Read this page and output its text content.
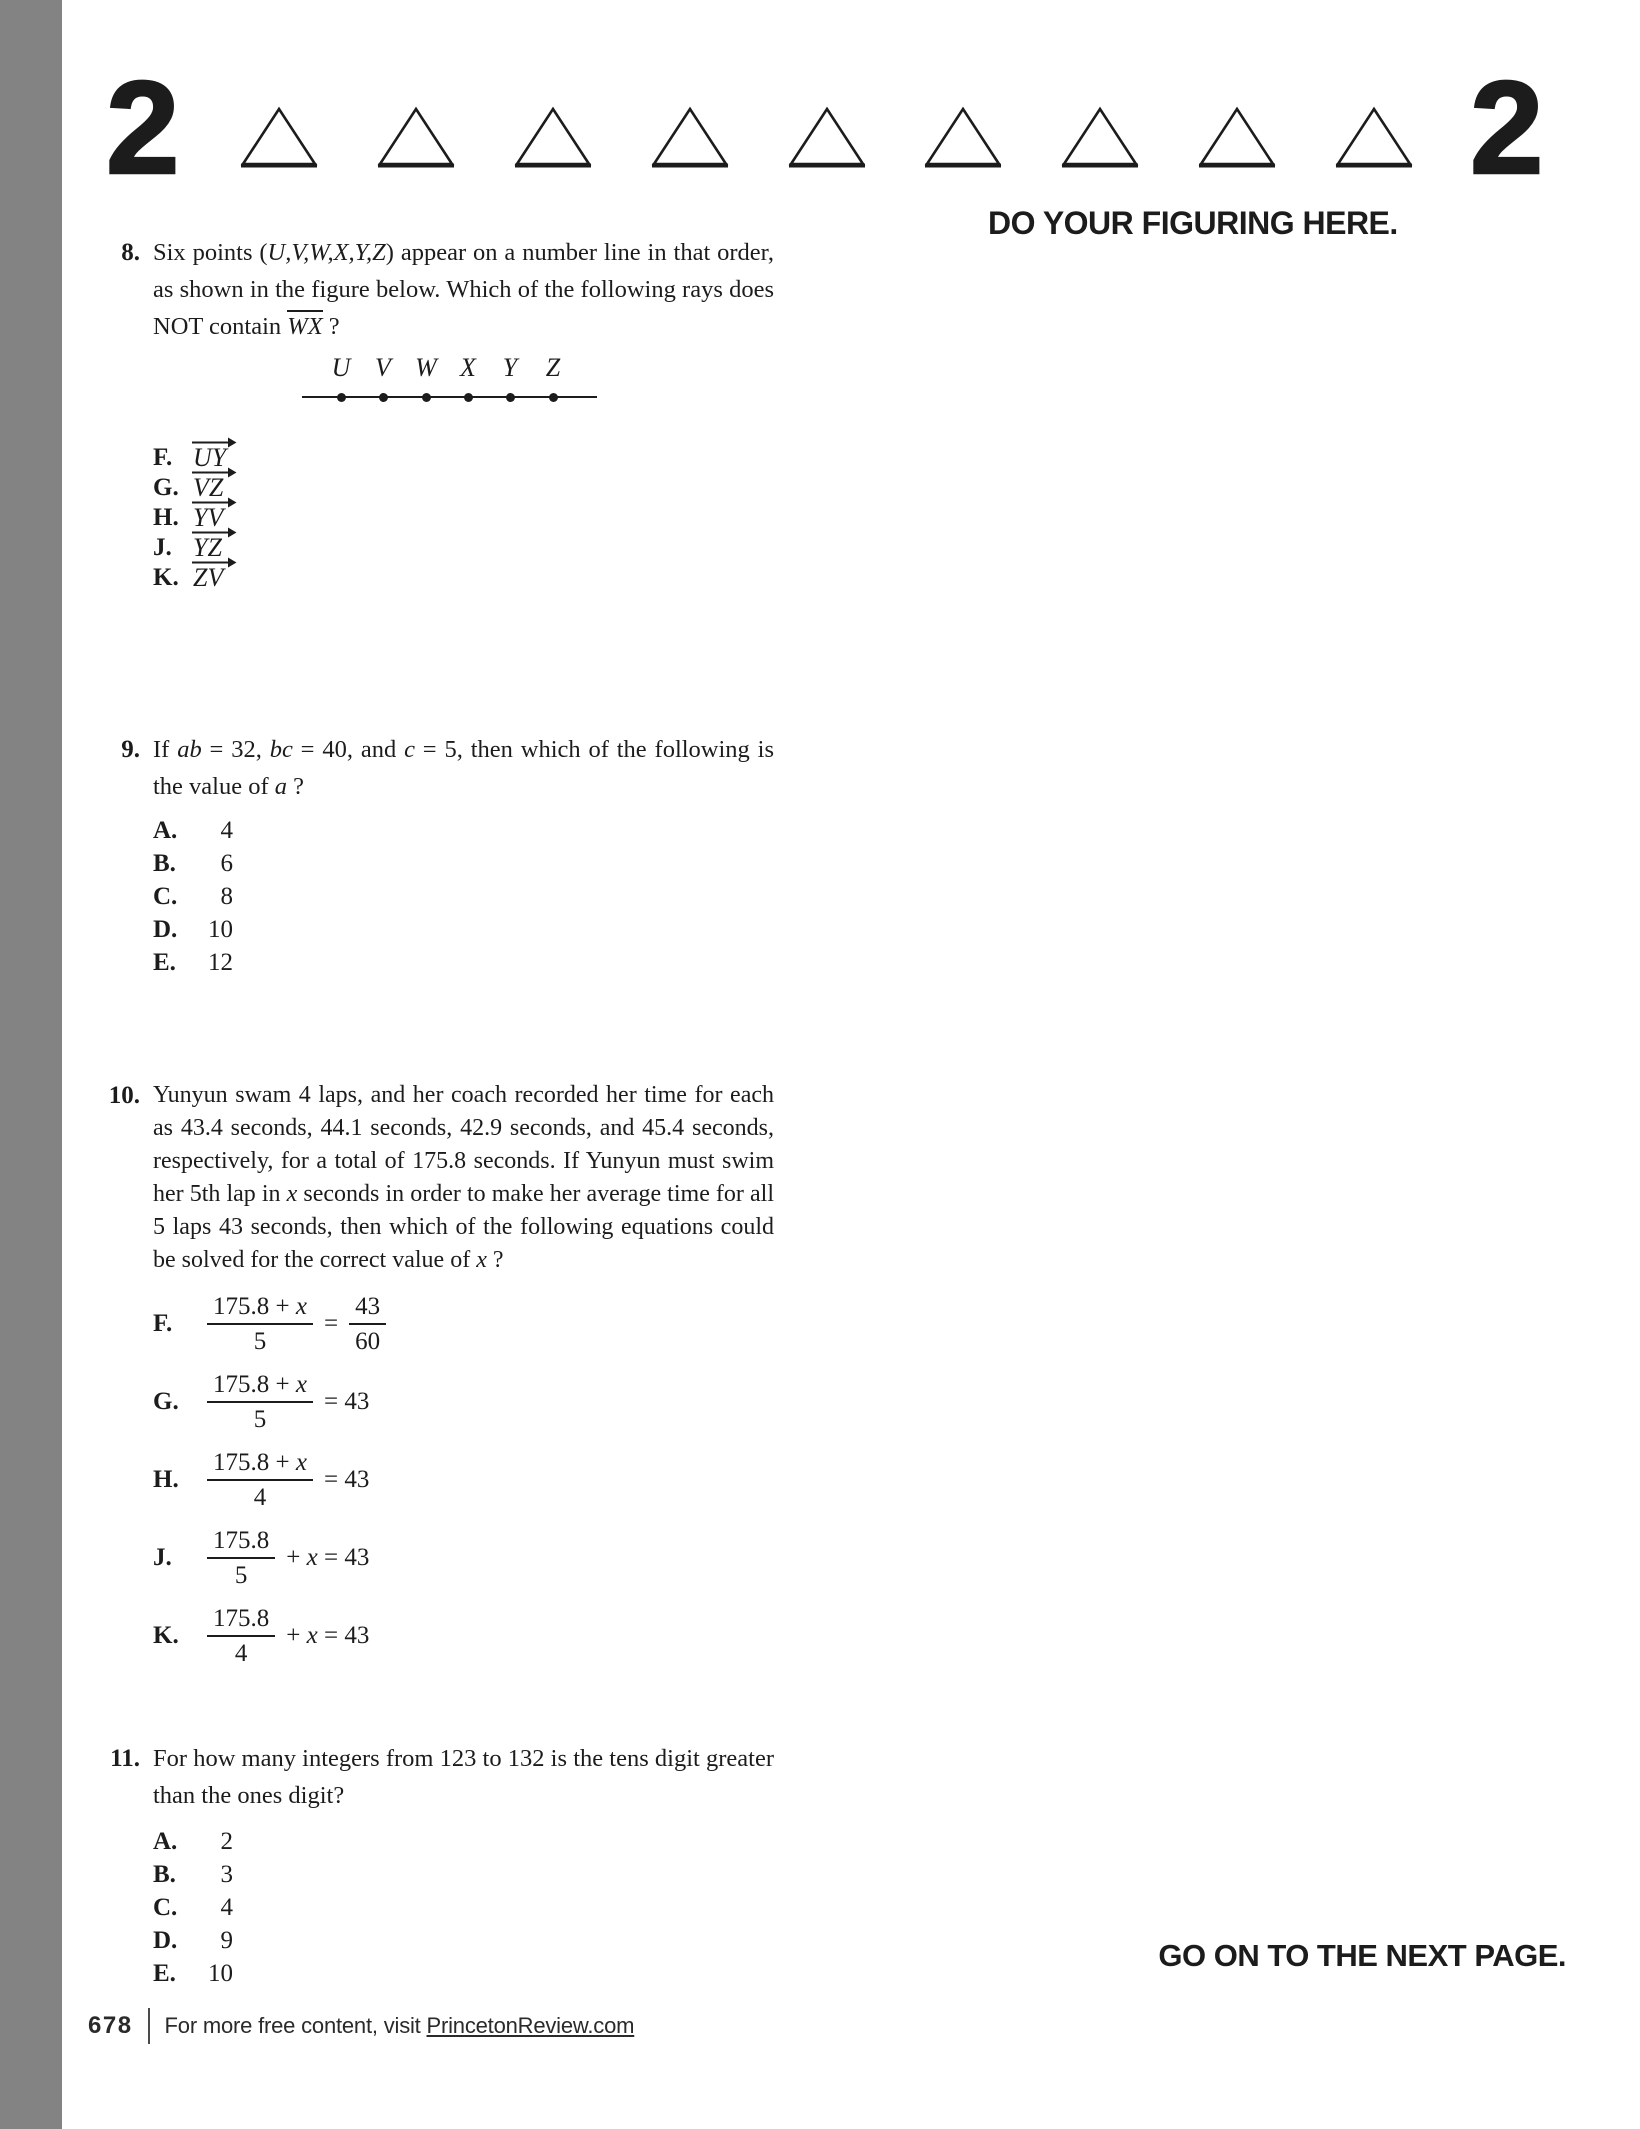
2	2
DO YOUR FIGURING HERE.
8. Six points (U,V,W,X,Y,Z) appear on a number line in that order, as shown in the figure below. Which of the following rays does NOT contain WX ?
U V W X Y Z
F. UY
G. VZ
H. YV
J. YZ
K. ZV
9. If ab = 32, bc = 40, and c = 5, then which of the following is the value of a ?
A.	4
B.	6
C.	8
D.	10
E.	12
10. Yunyun swam 4 laps, and her coach recorded her time for each as 43.4 seconds, 44.1 seconds, 42.9 seconds, and 45.4 seconds, respectively, for a total of 175.8 seconds. If Yunyun must swim her 5th lap in x seconds in order to make her average time for all 5 laps 43 seconds, then which of the following equations could be solved for the correct value of x ?
F.	$\frac{175.8 + x}{5} = \frac{43}{60}$
G.	$\frac{175.8 + x}{5} = 43$
H.	$\frac{175.8 + x}{4} = 43$
J.	$\frac{175.8}{5} + x = 43$
K.	$\frac{175.8}{4} + x = 43$
11. For how many integers from 123 to 132 is the tens digit greater than the ones digit?
A.	2
B.	3
C.	4
D.	9
E.	10
GO ON TO THE NEXT PAGE.
678 For more free content, visit PrincetonReview.com
